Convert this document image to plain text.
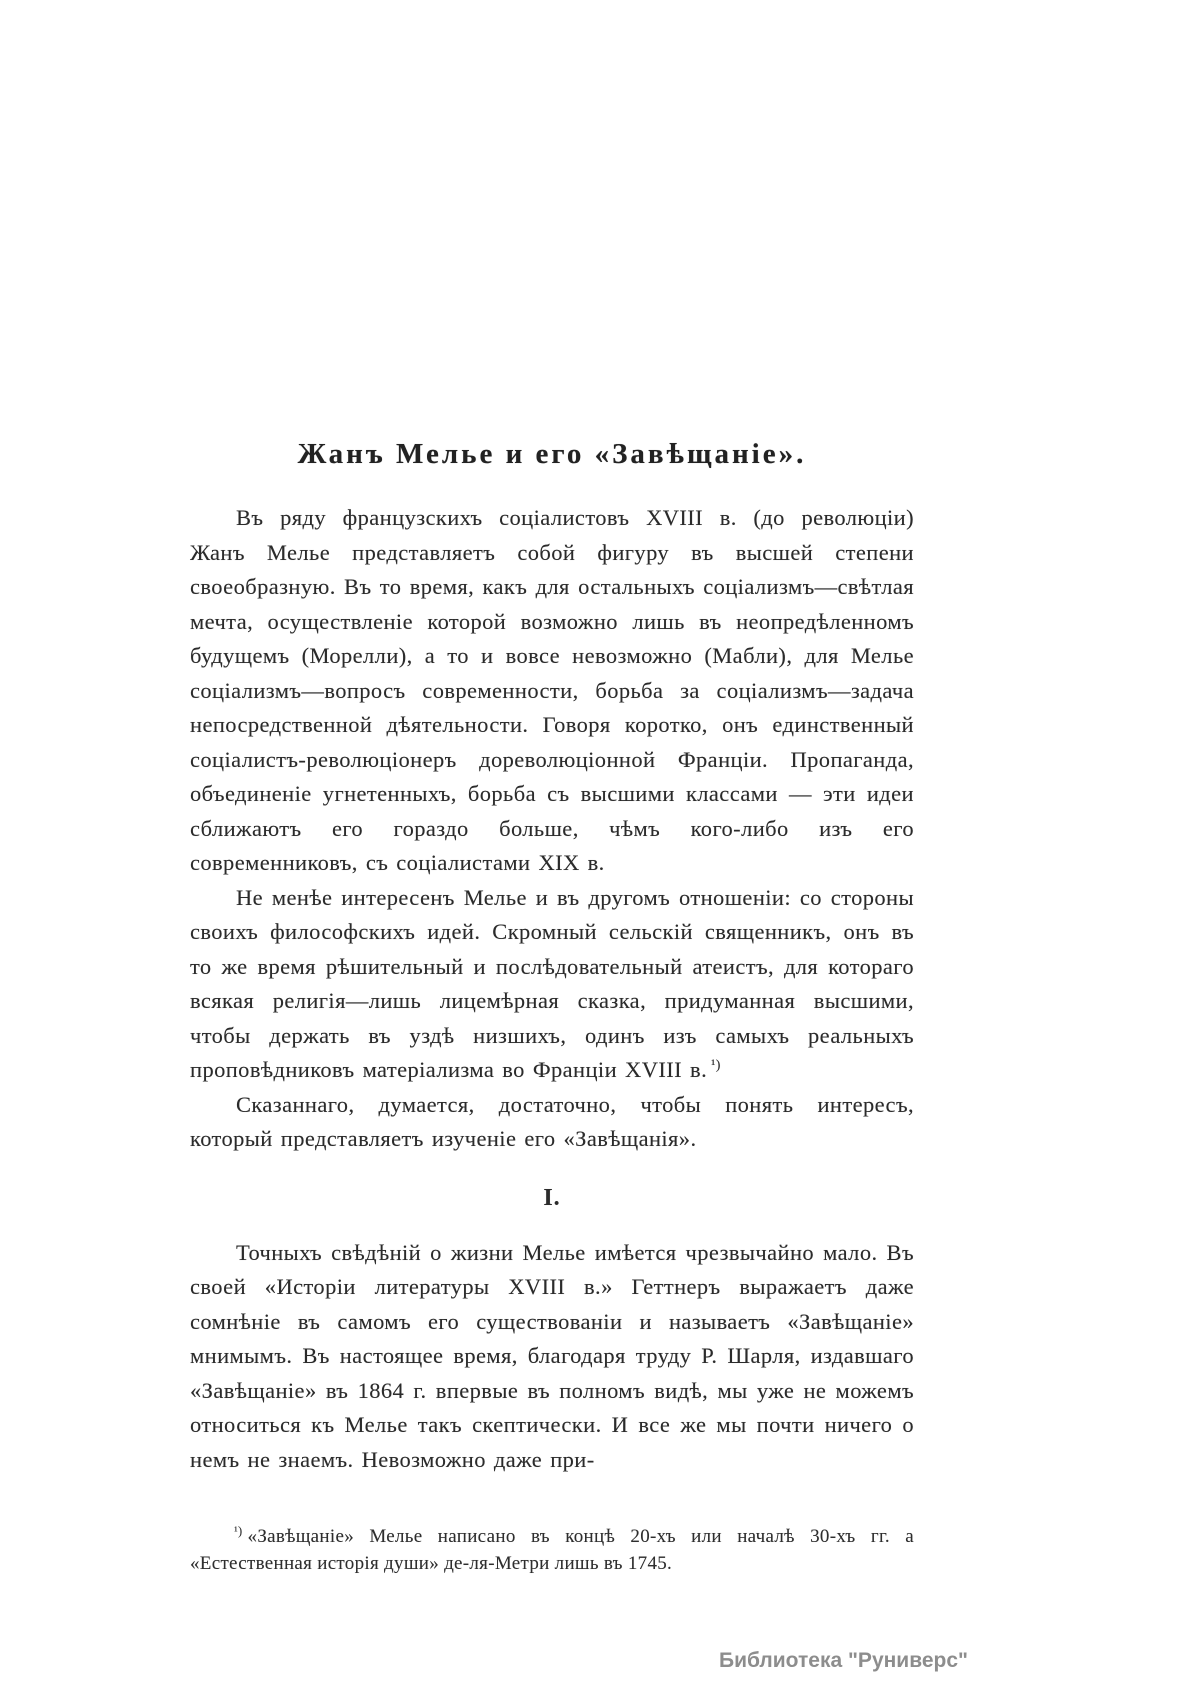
Жанъ Мелье и его «Завѣщаніе».

Въ ряду французскихъ соціалистовъ XVIII в. (до революціи) Жанъ Мелье представляетъ собой фигуру въ высшей степени своеобразную. Въ то время, какъ для остальныхъ соціализмъ—свѣтлая мечта, осуществленіе которой возможно лишь въ неопредѣленномъ будущемъ (Морелли), а то и вовсе невозможно (Мабли), для Мелье соціализмъ—вопросъ современности, борьба за соціализмъ—задача непосредственной дѣятельности. Говоря коротко, онъ единственный соціалистъ-революціонеръ дореволюціонной Франціи. Пропаганда, объединеніе угнетенныхъ, борьба съ высшими классами — эти идеи сближаютъ его гораздо больше, чѣмъ кого-либо изъ его современниковъ, съ соціалистами XIX в.

Не менѣе интересенъ Мелье и въ другомъ отношеніи: со стороны своихъ философскихъ идей. Скромный сельскій священникъ, онъ въ то же время рѣшительный и послѣдовательный атеистъ, для котораго всякая религія—лишь лицемѣрная сказка, придуманная высшими, чтобы держать въ уздѣ низшихъ, одинъ изъ самыхъ реальныхъ проповѣдниковъ матеріализма во Франціи XVIII в. $^{^1)}$

Сказаннаго, думается, достаточно, чтобы понять интересъ, который представляетъ изученіе его «Завѣщанія».

I.

Точныхъ свѣдѣній о жизни Мелье имѣется чрезвычайно мало. Въ своей «Исторіи литературы XVIII в.» Геттнеръ выражаетъ даже сомнѣніе въ самомъ его существованіи и называетъ «Завѣщаніе» мнимымъ. Въ настоящее время, благодаря труду Р. Шарля, издавшаго «Завѣщаніе» въ 1864 г. впервые въ полномъ видѣ, мы уже не можемъ относиться къ Мелье такъ скептически. И все же мы почти ничего о немъ не знаемъ. Невозможно даже при-

$^{^1)}$ «Завѣщаніе» Мелье написано въ концѣ 20-хъ или началѣ 30-хъ гг. а «Естественная исторія души» де-ля-Метри лишь въ 1745.

Библиотека "Руниверс"
